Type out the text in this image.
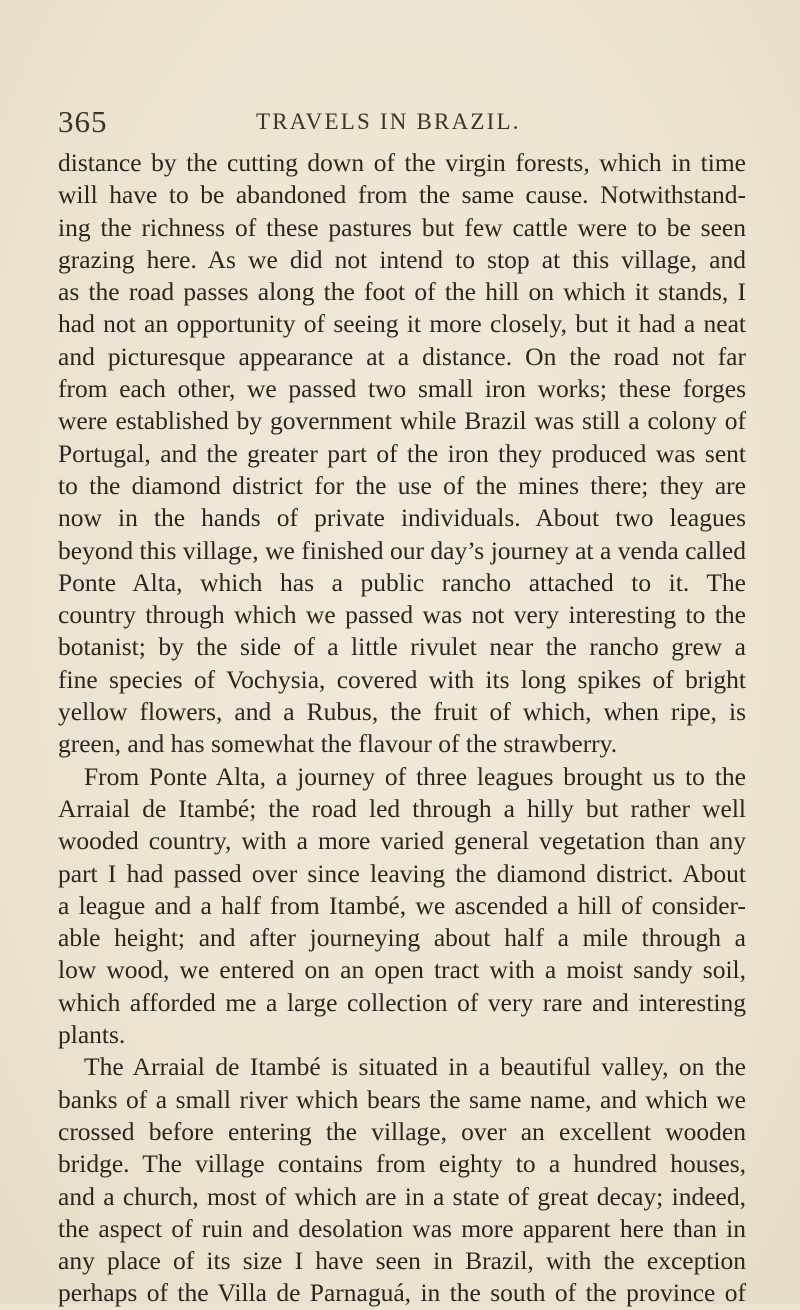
365	TRAVELS IN BRAZIL.
distance by the cutting down of the virgin forests, which in time
will have to be abandoned from the same cause. Notwithstand-
ing the richness of these pastures but few cattle were to be seen
grazing here. As we did not intend to stop at this village, and
as the road passes along the foot of the hill on which it stands, I
had not an opportunity of seeing it more closely, but it had a neat
and picturesque appearance at a distance. On the road not far
from each other, we passed two small iron works; these forges
were established by government while Brazil was still a colony of
Portugal, and the greater part of the iron they produced was sent
to the diamond district for the use of the mines there; they are
now in the hands of private individuals. About two leagues
beyond this village, we finished our day’s journey at a venda called
Ponte Alta, which has a public rancho attached to it. The
country through which we passed was not very interesting to the
botanist; by the side of a little rivulet near the rancho grew a
fine species of Vochysia, covered with its long spikes of bright
yellow flowers, and a Rubus, the fruit of which, when ripe, is
green, and has somewhat the flavour of the strawberry.
From Ponte Alta, a journey of three leagues brought us to the
Arraial de Itambé; the road led through a hilly but rather well
wooded country, with a more varied general vegetation than any
part I had passed over since leaving the diamond district. About
a league and a half from Itambé, we ascended a hill of consider-
able height; and after journeying about half a mile through a
low wood, we entered on an open tract with a moist sandy soil,
which afforded me a large collection of very rare and interesting
plants.
The Arraial de Itambé is situated in a beautiful valley, on the
banks of a small river which bears the same name, and which we
crossed before entering the village, over an excellent wooden
bridge. The village contains from eighty to a hundred houses,
and a church, most of which are in a state of great decay; indeed,
the aspect of ruin and desolation was more apparent here than in
any place of its size I have seen in Brazil, with the exception
perhaps of the Villa de Parnaguá, in the south of the province of
